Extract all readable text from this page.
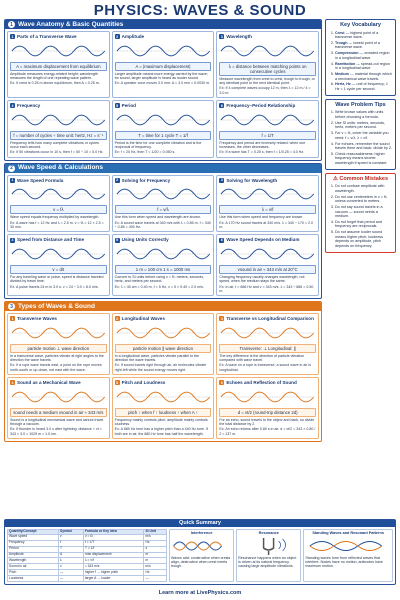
PHYSICS: WAVES & SOUND
1 Wave Anatomy & Basic Quantities
1 Parts of a Transverse Wave
A = maximum displacement from equilibrium
Amplitude measures energy-related height; wavelength measures the length of one repeating wave pattern.
Ex: If crest is 0.25 m above equilibrium, then A = 0.25 m.
2 Amplitude
A = |maximum displacement|
Larger amplitude means more energy carried by the wave; for sound, larger amplitude is heard as louder sound.
Ex: A speaker cone moves 3.0 mm: A = 3.0 mm = 0.0030 m.
3 Wavelength
λ = distance between matching points on consecutive cycles
Measure wavelength from crest to crest, trough to trough, or any identical point to the next identical point.
Ex: If 4 complete waves occupy 12 m, then λ = 12 m / 4 = 3.0 m.
4 Frequency
f = number of cycles ÷ time unit: hertz, Hz = s⁻¹
Frequency tells how many complete vibrations or cycles occur each second.
Ex: If 50 vibrations occur in 10 s, then f = 50 ÷ 10 = 5.0 Hz.
5 Period
T = time for 1 cycle T = 1/f
Period is the time for one complete vibration and is the reciprocal of frequency.
Ex: f = 20 Hz, then T = 1/20 = 0.050 s.
6 Frequency–Period Relationship
f = 1/T
Frequency and period are inversely related: when one increases, the other decreases.
Ex: If a wave has T = 0.25 s, then f = 1/0.25 = 4.0 Hz.
2 Wave Speed & Calculations
1 Wave Speed Formula
v = fλ
Wave speed equals frequency multiplied by wavelength.
Ex: A wave has f = 12 Hz and λ = 2.5 m. v = fλ = 12 × 2.5 = 30 m/s.
2 Solving for Frequency
f = v/λ
Use this form when speed and wavelength are known.
Ex: A sound wave travels at 340 m/s with λ = 0.85 m. f = 340 ÷ 0.85 = 400 Hz.
3 Solving for Wavelength
λ = v/f
Use this form when speed and frequency are known.
Ex: A 170 Hz sound travels at 340 m/s. λ = 340 ÷ 170 = 2.0 m.
4 Speed from Distance and Time
v = d/t
For any traveling wave or pulse, speed is distance traveled divided by travel time.
Ex: A pulse travels 24 m in 3.0 s. v = 24 ÷ 3.0 = 8.0 m/s.
5 Using Units Correctly
1 m = 100 cm 1 s = 1000 ms
Convert to SI units before using v = fλ: meters, seconds, hertz, and meters per second.
Ex: λ = 40 cm = 0.40 m, f = 5 Hz, v = 5 × 0.40 = 2.0 m/s.
6 Wave Speed Depends on Medium
vsound in air ≈ 343 m/s at 20°C
Changing frequency usually changes wavelength, not speed, when the medium stays the same.
Ex: In air, f = 686 Hz and v = 343 m/s. λ = 343 ÷ 686 = 0.50 m.
3 Types of Waves & Sound
1 Transverse Waves
particle motion ⊥ wave direction
In a transverse wave, particles vibrate at right angles to the direction the wave travels.
Ex: If a rope wave travels east, a point on the rope moves north-south or up-down, not east with the wave.
2 Longitudinal Waves
particle motion ∥ wave direction
In a longitudinal wave, particles vibrate parallel to the direction the wave travels.
Ex: If sound travels right through air, air molecules vibrate right-left while the sound energy moves right.
3 Transverse vs Longitudinal Comparison
Transverse: ⊥ Longitudinal: ∥
The key difference is the direction of particle vibration compared with wave travel.
Ex: A wave on a rope is transverse; a sound wave in air is longitudinal.
4 Sound as a Mechanical Wave
sound needs a medium vsound in air ≈ 343 m/s
Sound is a longitudinal mechanical wave and cannot travel through a vacuum.
Ex: If thunder is heard 3.0 s after lightning: distance = vt = 343 × 3.0 = 1029 m ≈ 1.0 km.
5 Pitch and Loudness
pitch ↑ when f ↑ loudness ↑ when A ↑
Frequency mainly controls pitch; amplitude mainly controls loudness.
Ex: A 880 Hz tone has a higher pitch than a 440 Hz tone. If both are in air, the 880 Hz tone has half the wavelength.
6 Echoes and Reflection of Sound
d = vt/2 (round-trip distance 2d)
For an echo, sound travels to the object and back, so divide the total distance by 2.
Ex: An echo returns after 0.80 s in air. d = vt/2 = 343 × 0.80 / 2 ≈ 137 m.
Key Vocabulary
1. Crest — highest point of a transverse wave.
2. Trough — lowest point of a transverse wave.
3. Compression — crowded region in a longitudinal wave.
4. Rarefaction — spread-out region in a longitudinal wave.
5. Medium — material through which a mechanical wave travels.
6. Hertz, Hz — unit of frequency; 1 Hz = 1 cycle per second.
Wave Problem Tips
1. Write known values with units before choosing a formula.
2. Use SI units: meters, seconds, hertz, meters per second.
3. For v = fλ, cover the variable you need: f = v/λ, λ = v/f.
4. For echoes, remember the sound travels there and back: divide by 2.
5. Check reasonableness: higher frequency means shorter wavelength if speed is constant.
⚠ Common Mistakes
1. Do not confuse amplitude with wavelength.
2. Do not use centimeters in v = fλ unless converted to meters.
3. Do not say sound travels in a vacuum — sound needs a medium.
4. Do not forget that period and frequency are reciprocals.
5. Do not assume louder sound means higher pitch; loudness depends on amplitude, pitch depends on frequency.
Quick Summary
Quantity/Concept	Symbol	Formula or Key Idea	SI Unit
Wave speed	v	v = fλ	m/s
Frequency	f	f = 1/T	Hz
Period	T	T = 1/f	s
Amplitude	A	max displacement	m
Wavelength	λ	λ = v/f	m
Sound in air	v	≈ 343 m/s	m/s
Pitch	—	higher f → higher pitch	Hz
Loudness	—	larger A → louder	—
Interference
Waves add: constructive when crests align, destructive when crest meets trough.
Resonance
Resonance happens when an object is driven at its natural frequency, causing large amplitude vibrations.
Standing Waves and Resonant Patterns
Standing waves form from reflected waves that interfere. Nodes have no motion; antinodes have maximum motion.
Learn more at LivePhysics.com
